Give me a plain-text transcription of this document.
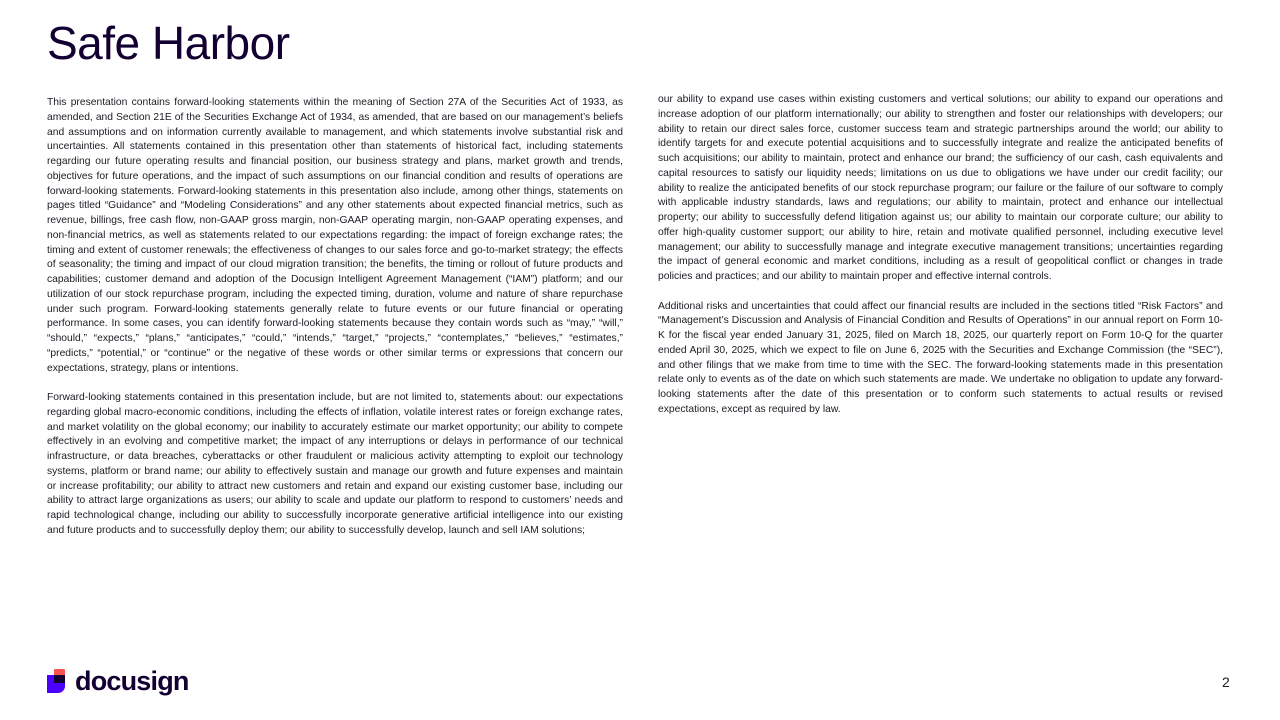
Safe Harbor

This presentation contains forward-looking statements within the meaning of Section 27A of the Securities Act of 1933, as amended, and Section 21E of the Securities Exchange Act of 1934, as amended, that are based on our management’s beliefs and assumptions and on information currently available to management, and which statements involve substantial risk and uncertainties. All statements contained in this presentation other than statements of historical fact, including statements regarding our future operating results and financial position, our business strategy and plans, market growth and trends, objectives for future operations, and the impact of such assumptions on our financial condition and results of operations are forward-looking statements. Forward-looking statements in this presentation also include, among other things, statements on pages titled “Guidance” and “Modeling Considerations” and any other statements about expected financial metrics, such as revenue, billings, free cash flow, non-GAAP gross margin, non-GAAP operating margin, non-GAAP operating expenses, and non-financial metrics, as well as statements related to our expectations regarding: the impact of foreign exchange rates; the timing and extent of customer renewals; the effectiveness of changes to our sales force and go-to-market strategy; the effects of seasonality; the timing and impact of our cloud migration transition; the benefits, the timing or rollout of future products and capabilities; customer demand and adoption of the Docusign Intelligent Agreement Management (“IAM”) platform; and our utilization of our stock repurchase program, including the expected timing, duration, volume and nature of share repurchase under such program. Forward-looking statements generally relate to future events or our future financial or operating performance. In some cases, you can identify forward-looking statements because they contain words such as “may,” “will,” “should,” “expects,” “plans,” “anticipates,” “could,” “intends,” “target,” “projects,” “contemplates,” “believes,” “estimates,” “predicts,” “potential,” or “continue” or the negative of these words or other similar terms or expressions that concern our expectations, strategy, plans or intentions.

Forward-looking statements contained in this presentation include, but are not limited to, statements about: our expectations regarding global macro-economic conditions, including the effects of inflation, volatile interest rates or foreign exchange rates, and market volatility on the global economy; our inability to accurately estimate our market opportunity; our ability to compete effectively in an evolving and competitive market; the impact of any interruptions or delays in performance of our technical infrastructure, or data breaches, cyberattacks or other fraudulent or malicious activity attempting to exploit our technology systems, platform or brand name; our ability to effectively sustain and manage our growth and future expenses and maintain or increase profitability; our ability to attract new customers and retain and expand our existing customer base, including our ability to attract large organizations as users; our ability to scale and update our platform to respond to customers’ needs and rapid technological change, including our ability to successfully incorporate generative artificial intelligence into our existing and future products and to successfully deploy them; our ability to successfully develop, launch and sell IAM solutions;

our ability to expand use cases within existing customers and vertical solutions; our ability to expand our operations and increase adoption of our platform internationally; our ability to strengthen and foster our relationships with developers; our ability to retain our direct sales force, customer success team and strategic partnerships around the world; our ability to identify targets for and execute potential acquisitions and to successfully integrate and realize the anticipated benefits of such acquisitions; our ability to maintain, protect and enhance our brand; the sufficiency of our cash, cash equivalents and capital resources to satisfy our liquidity needs; limitations on us due to obligations we have under our credit facility; our ability to realize the anticipated benefits of our stock repurchase program; our failure or the failure of our software to comply with applicable industry standards, laws and regulations; our ability to maintain, protect and enhance our intellectual property; our ability to successfully defend litigation against us; our ability to maintain our corporate culture; our ability to offer high-quality customer support; our ability to hire, retain and motivate qualified personnel, including executive level management; our ability to successfully manage and integrate executive management transitions; uncertainties regarding the impact of general economic and market conditions, including as a result of geopolitical conflict or changes in trade policies and practices; and our ability to maintain proper and effective internal controls.

Additional risks and uncertainties that could affect our financial results are included in the sections titled “Risk Factors” and “Management’s Discussion and Analysis of Financial Condition and Results of Operations” in our annual report on Form 10-K for the fiscal year ended January 31, 2025, filed on March 18, 2025, our quarterly report on Form 10-Q for the quarter ended April 30, 2025, which we expect to file on June 6, 2025 with the Securities and Exchange Commission (the “SEC”), and other filings that we make from time to time with the SEC. The forward-looking statements made in this presentation relate only to events as of the date on which such statements are made. We undertake no obligation to update any forward-looking statements after the date of this presentation or to conform such statements to actual results or revised expectations, except as required by law.

docusign	2
